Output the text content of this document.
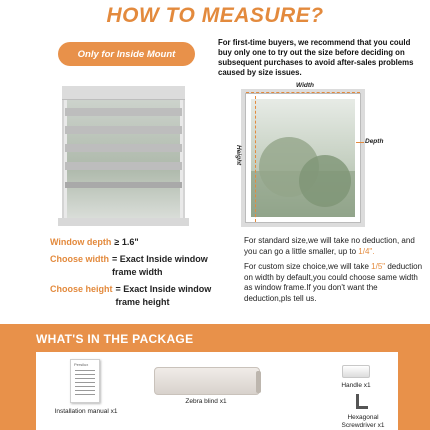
HOW TO MEASURE?
Only for Inside Mount
For first-time buyers, we recommend that you could buy only one to try out the size before deciding on subsequent purchases to avoid after-sales problems caused by size issues.
Width
Height
Depth
Window depth ≥ 1.6"
Choose width = Exact Inside window frame width
Choose height = Exact Inside window frame height

For standard size,we will take no deduction, and you can go a little smaller, up to 1/4".

For custom size choice,we will take 1/5" deduction on width by default,you could choose same width as window frame.If you don't want the deduction,pls tell us.

WHAT'S IN THE PACKAGE
Persilux
Installation manual x1
Zebra blind x1
Handle x1
Hexagonal
Screwdriver x1
